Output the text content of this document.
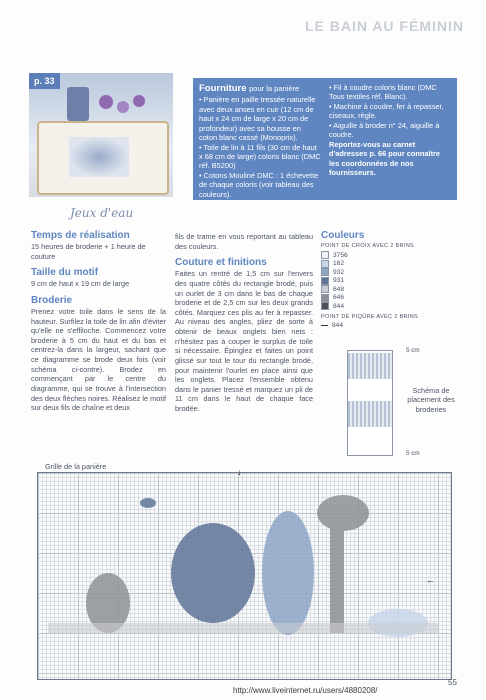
LE BAIN AU FÉMININ
p. 33
Jeux d'eau
Fourniture pour la panière

• Panière en paille tressée naturelle avec deux anses en cuir (12 cm de haut x 24 cm de large x 20 cm de profondeur) avec sa housse en coton blanc cassé (Monoprix).

• Toile de lin à 11 fils (30 cm de haut x 68 cm de large) coloris blanc (DMC réf. B5200)

• Cotons Mouliné DMC : 1 échevette de chaque coloris (voir tableau des couleurs).

• Fil à coudre coloris blanc (DMC Tous textiles réf. Blanc).

• Machine à coudre, fer à repasser, ciseaux, règle.

• Aiguille à broder n° 24, aiguille à coudre.

Reportez-vous au carnet d'adresses p. 66 pour connaître les coordonnées de nos fournisseurs.

Temps de réalisation

15 heures de broderie + 1 heure de couture

Taille du motif

9 cm de haut x 19 cm de large

Broderie

Prenez votre toile dans le sens de la hauteur. Surfilez la toile de lin afin d'éviter qu'elle ne s'effiloche. Commencez votre broderie à 5 cm du haut et du bas et centrez-la dans la largeur, sachant que ce diagramme se brode deux fois (voir schéma ci-contre). Brodez en commençant par le centre du diagramme, qui se trouve à l'intersection des deux flèches noires. Réalisez le motif sur deux fils de chaîne et deux

fils de trame en vous reportant au tableau des couleurs.

Couture et finitions

Faites un rentré de 1,5 cm sur l'envers des quatre côtés du rectangle brodé, puis un ourlet de 3 cm dans le bas de chaque broderie et de 2,5 cm sur les deux grands côtés. Marquez ces plis au fer à repasser. Au niveau des angles, pliez de sorte à obtenir de beaux onglets bien nets : n'hésitez pas à couper le surplus de toile si nécessaire. Épinglez et faites un point glissé sur tout le tour du rectangle brodé, pour maintenir l'ourlet en place ainsi que les onglets. Placez l'ensemble obtenu dans le panier tressé et marquez un pli de 11 cm dans le haut de chaque face brodée.

Couleurs
POINT DE CROIX AVEC 2 BRINS
3756
162
932
931
648
646
844
POINT DE PIQÛRE AVEC 2 BRINS
844
5 cm
5 cm
Schéma de placement des broderies
Grille de la panière
↓
←
http://www.liveinternet.ru/users/4880208/
55
